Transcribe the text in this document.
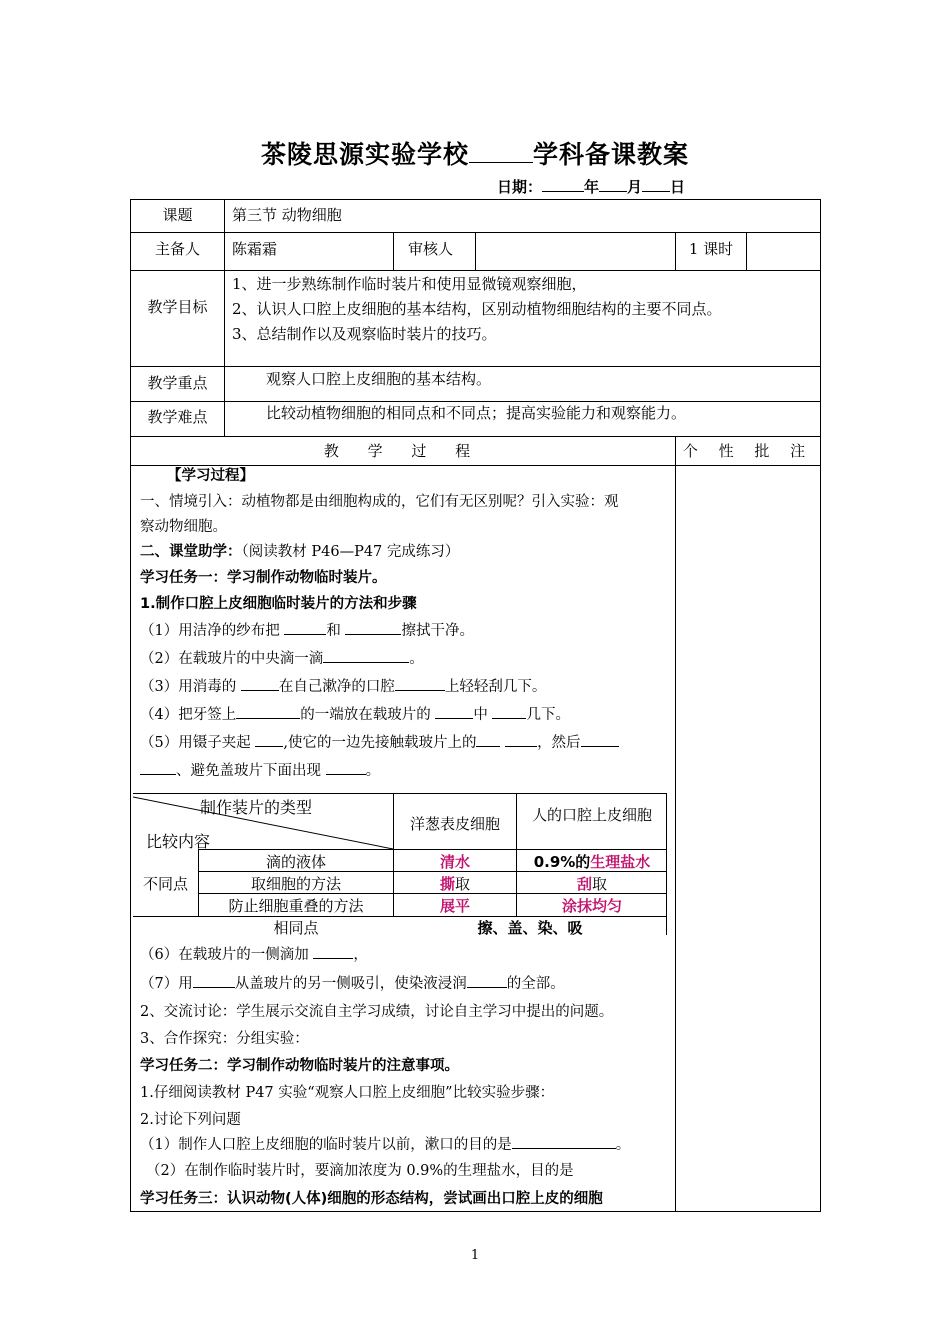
茶陵思源实验学校	学科备课教案
日期：	年 月 日
课题	第三节 动物细胞
主备人	陈霜霜	审核人	1 课时
教学目标
1、进一步熟练制作临时装片和使用显微镜观察细胞，
2、认识人口腔上皮细胞的基本结构，区别动植物细胞结构的主要不同点。
3、总结制作以及观察临时装片的技巧。
教学重点	观察人口腔上皮细胞的基本结构。
教学难点	比较动植物细胞的相同点和不同点；提高实验能力和观察能力。
教 学 过 程	个 性 批 注
【学习过程】
一、情境引入：动植物都是由细胞构成的，它们有无区别呢？引入实验：观
察动物细胞。
二、课堂助学：（阅读教材 P46—P47 完成练习）
学习任务一：学习制作动物临时装片。
1.制作口腔上皮细胞临时装片的方法和步骤
（1）用洁净的纱布把	和	擦拭干净。
（2）在载玻片的中央滴一滴	。
（3）用消毒的	在自己漱净的口腔	上轻轻刮几下。
（4）把牙签上	的一端放在载玻片的	中 几下。
（5）用镊子夹起 ,使它的一边先接触载玻片上的	，然后
、避免盖玻片下面出现	。
制作装片的类型
比较内容
洋葱表皮细胞	人的口腔上皮细胞
不同点
滴的液体	清水	0.9%的生理盐水
取细胞的方法	撕取	刮取
防止细胞重叠的方法	展平	涂抹均匀
相同点	擦、盖、染、吸
（6）在载玻片的一侧滴加	，
（7）用	从盖玻片的另一侧吸引，使染液浸润	的全部。
2、交流讨论：学生展示交流自主学习成绩，讨论自主学习中提出的问题。
3、合作探究：分组实验：
学习任务二：学习制作动物临时装片的注意事项。
1.仔细阅读教材 P47 实验“观察人口腔上皮细胞”比较实验步骤：
2.讨论下列问题
（1）制作人口腔上皮细胞的临时装片以前，漱口的目的是	。
（2）在制作临时装片时，要滴加浓度为 0.9%的生理盐水，目的是
学习任务三：认识动物(人体)细胞的形态结构，尝试画出口腔上皮的细胞
1
